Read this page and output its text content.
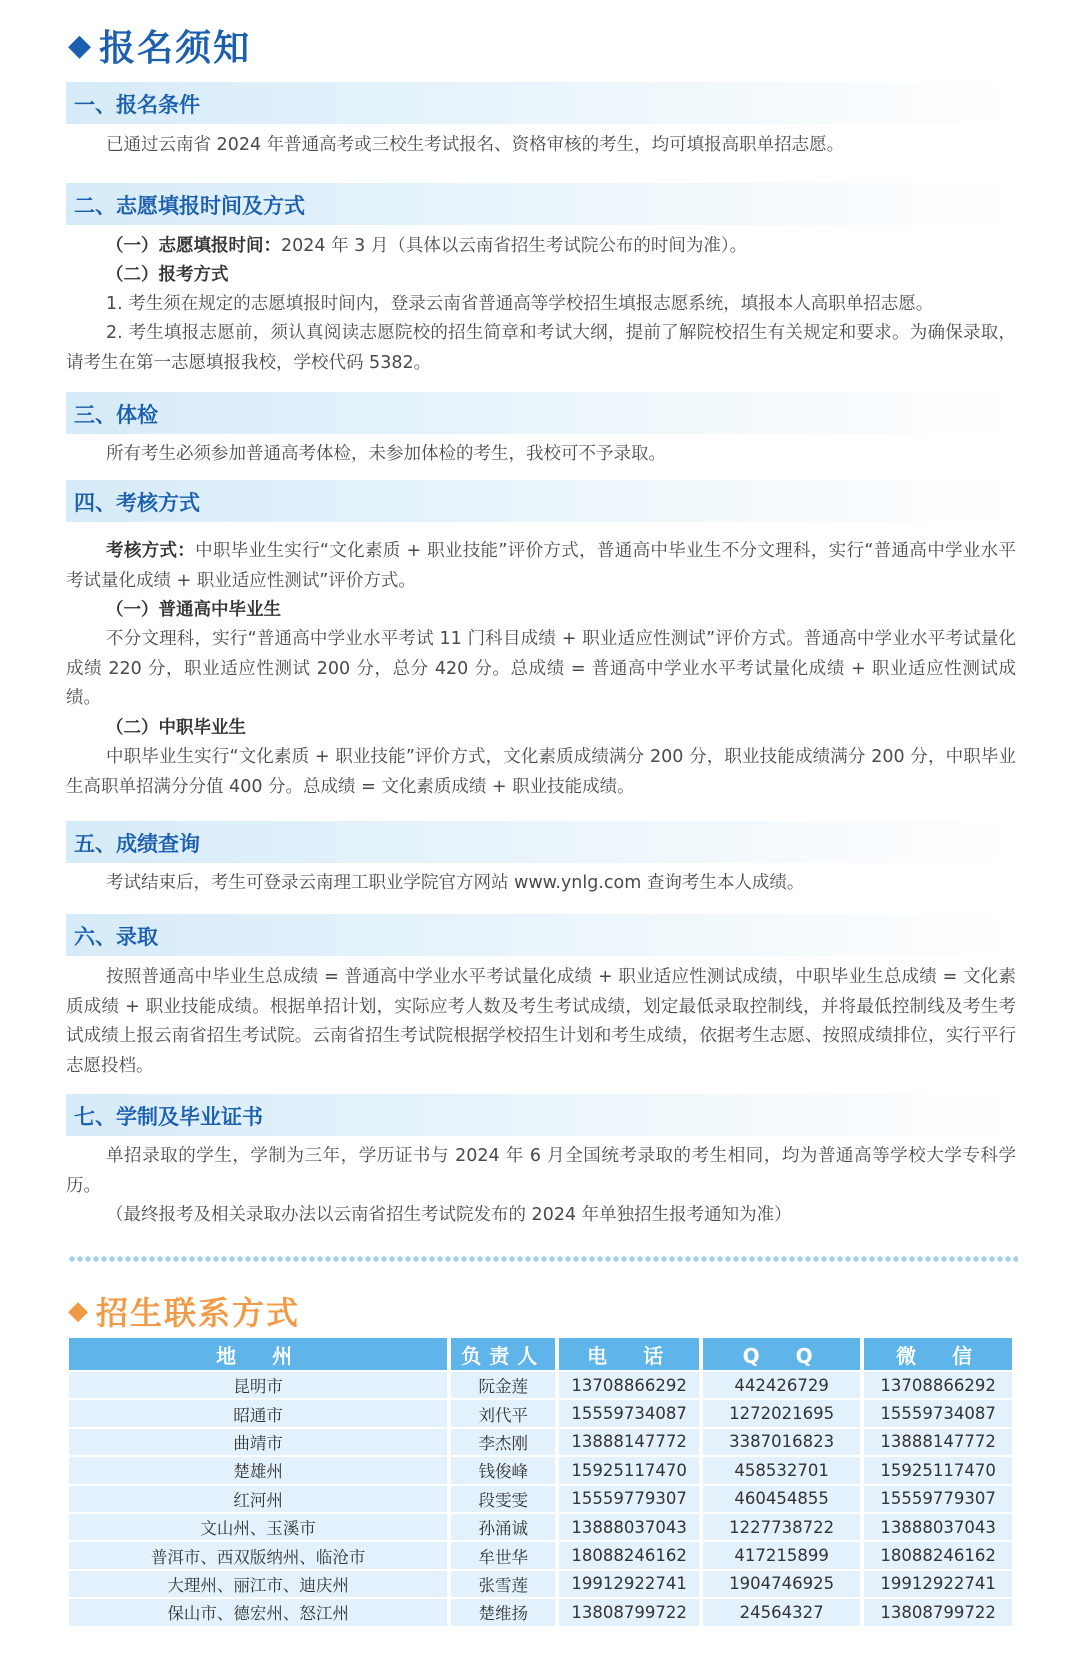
◆ 报名须知
一、报名条件
已通过云南省 2024 年普通高考或三校生考试报名、资格审核的考生，均可填报高职单招志愿。
二、志愿填报时间及方式
（一）志愿填报时间：2024 年 3 月（具体以云南省招生考试院公布的时间为准）。
（二）报考方式
1. 考生须在规定的志愿填报时间内，登录云南省普通高等学校招生填报志愿系统，填报本人高职单招志愿。
2. 考生填报志愿前，须认真阅读志愿院校的招生简章和考试大纲，提前了解院校招生有关规定和要求。为确保录取，请考生在第一志愿填报我校，学校代码 5382。
三、体检
所有考生必须参加普通高考体检，未参加体检的考生，我校可不予录取。
四、考核方式
考核方式：中职毕业生实行“文化素质 + 职业技能”评价方式，普通高中毕业生不分文理科，实行“普通高中学业水平考试量化成绩 + 职业适应性测试”评价方式。
（一）普通高中毕业生
不分文理科，实行“普通高中学业水平考试 11 门科目成绩 + 职业适应性测试”评价方式。普通高中学业水平考试量化成绩 220 分，职业适应性测试 200 分，总分 420 分。总成绩 = 普通高中学业水平考试量化成绩 + 职业适应性测试成绩。
（二）中职毕业生
中职毕业生实行“文化素质 + 职业技能”评价方式，文化素质成绩满分 200 分，职业技能成绩满分 200 分，中职毕业生高职单招满分分值 400 分。总成绩 = 文化素质成绩 + 职业技能成绩。
五、成绩查询
考试结束后，考生可登录云南理工职业学院官方网站 www.ynlg.com 查询考生本人成绩。
六、录取
按照普通高中毕业生总成绩 = 普通高中学业水平考试量化成绩 + 职业适应性测试成绩，中职毕业生总成绩 = 文化素质成绩 + 职业技能成绩。根据单招计划，实际应考人数及考生考试成绩，划定最低录取控制线，并将最低控制线及考生考试成绩上报云南省招生考试院。云南省招生考试院根据学校招生计划和考生成绩，依据考生志愿、按照成绩排位，实行平行志愿投档。
七、学制及毕业证书
单招录取的学生，学制为三年，学历证书与 2024 年 6 月全国统考录取的考生相同，均为普通高等学校大学专科学历。
（最终报考及相关录取办法以云南省招生考试院发布的 2024 年单独招生报考通知为准）
◆ 招生联系方式
地　州	负责人	电　话	Q　Q	微　信
昆明市	阮金莲	13708866292	442426729	13708866292
昭通市	刘代平	15559734087	1272021695	15559734087
曲靖市	李杰刚	13888147772	3387016823	13888147772
楚雄州	钱俊峰	15925117470	458532701	15925117470
红河州	段雯雯	15559779307	460454855	15559779307
文山州、玉溪市	孙涌诚	13888037043	1227738722	13888037043
普洱市、西双版纳州、临沧市	牟世华	18088246162	417215899	18088246162
大理州、丽江市、迪庆州	张雪莲	19912922741	1904746925	19912922741
保山市、德宏州、怒江州	楚维扬	13808799722	24564327	13808799722
